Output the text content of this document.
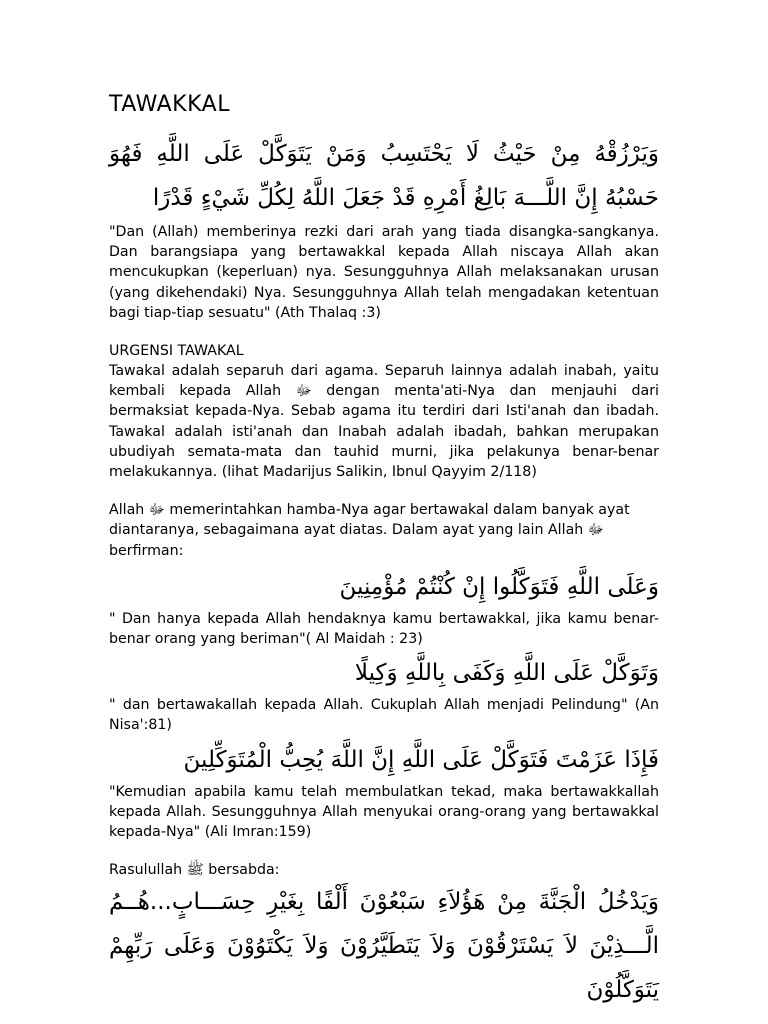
TAWAKKAL

وَيَرْزُقْهُ مِنْ حَيْثُ لَا يَحْتَسِبُ وَمَنْ يَتَوَكَّلْ عَلَى اللَّهِ فَهُوَ حَسْبُهُ إِنَّ اللَّـــهَ بَالِغُ أَمْرِهِ قَدْ جَعَلَ اللَّهُ لِكُلِّ شَيْءٍ قَدْرًا

"Dan (Allah) memberinya rezki dari arah yang tiada disangka-sangkanya. Dan barangsiapa yang bertawakkal kepada Allah niscaya Allah akan mencukupkan (keperluan) nya. Sesungguhnya Allah melaksanakan urusan (yang dikehendaki) Nya. Sesungguhnya Allah telah mengadakan ketentuan bagi tiap-tiap sesuatu" (Ath Thalaq :3)

URGENSI TAWAKAL

Tawakal adalah separuh dari agama. Separuh lainnya adalah inabah, yaitu kembali kepada Allah ﷻ dengan menta'ati-Nya dan menjauhi dari bermaksiat kepada-Nya. Sebab agama itu terdiri dari Isti'anah dan ibadah. Tawakal adalah isti'anah dan Inabah adalah ibadah, bahkan merupakan ubudiyah semata-mata dan tauhid murni, jika pelakunya benar-benar melakukannya. (lihat Madarijus Salikin, Ibnul Qayyim 2/118)

Allah ﷻ memerintahkan hamba-Nya agar bertawakal dalam banyak ayat diantaranya, sebagaimana ayat diatas. Dalam ayat yang lain Allah ﷻ berfirman:

وَعَلَى اللَّهِ فَتَوَكَّلُوا إِنْ كُنْتُمْ مُؤْمِنِينَ

" Dan hanya kepada Allah hendaknya kamu bertawakkal, jika kamu benar-benar orang yang beriman"( Al Maidah : 23)

وَتَوَكَّلْ عَلَى اللَّهِ وَكَفَى بِاللَّهِ وَكِيلًا

" dan bertawakallah kepada Allah. Cukuplah Allah menjadi Pelindung" (An Nisa':81)

فَإِذَا عَزَمْتَ فَتَوَكَّلْ عَلَى اللَّهِ إِنَّ اللَّهَ يُحِبُّ الْمُتَوَكِّلِينَ

"Kemudian apabila kamu telah membulatkan tekad, maka bertawakkallah kepada Allah. Sesungguhnya Allah menyukai orang-orang yang bertawakkal kepada-Nya" (Ali Imran:159)

Rasulullah ﷺ bersabda:

وَيَدْخُلُ الْجَنَّةَ مِنْ هَؤُلاَءِ سَبْعُوْنَ أَلْفًا بِغَيْرِ حِسَـــابٍ...هُــمُ الَّـــذِيْنَ لاَ يَسْتَرْقُوْنَ وَلاَ يَتَطَيَّرُوْنَ وَلاَ يَكْتَوُوْنَ وَعَلَى رَبِّهِمْ يَتَوَكَّلُوْنَ
